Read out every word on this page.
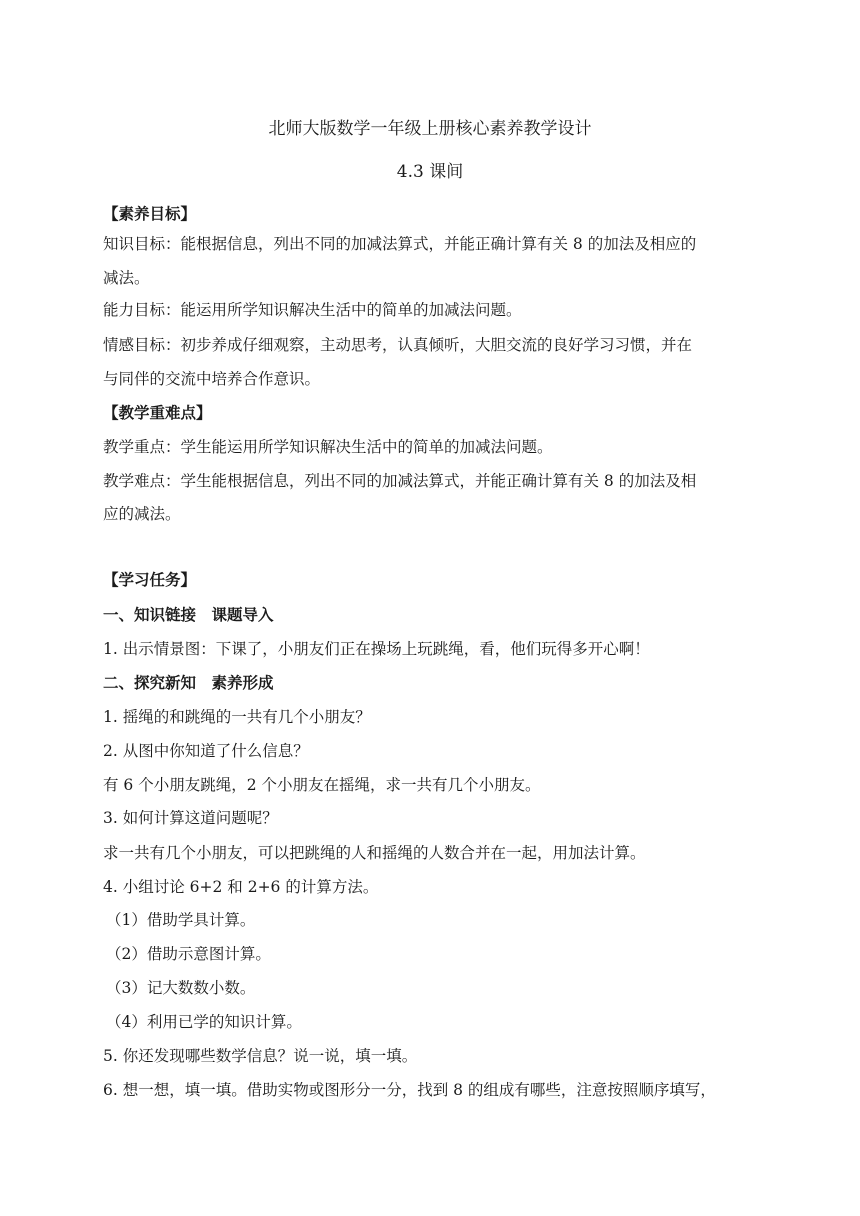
北师大版数学一年级上册核心素养教学设计
4.3 课间
【素养目标】
知识目标：能根据信息，列出不同的加减法算式，并能正确计算有关 8 的加法及相应的
减法。
能力目标：能运用所学知识解决生活中的简单的加减法问题。
情感目标：初步养成仔细观察，主动思考，认真倾听，大胆交流的良好学习习惯，并在
与同伴的交流中培养合作意识。
【教学重难点】
教学重点：学生能运用所学知识解决生活中的简单的加减法问题。
教学难点：学生能根据信息，列出不同的加减法算式，并能正确计算有关 8 的加法及相
应的减法。
【学习任务】
一、知识链接　课题导入
1. 出示情景图：下课了，小朋友们正在操场上玩跳绳，看，他们玩得多开心啊！
二、探究新知　素养形成
1. 摇绳的和跳绳的一共有几个小朋友？
2. 从图中你知道了什么信息？
有 6 个小朋友跳绳，2 个小朋友在摇绳，求一共有几个小朋友。
3. 如何计算这道问题呢？
求一共有几个小朋友，可以把跳绳的人和摇绳的人数合并在一起，用加法计算。
4. 小组讨论 6+2 和 2+6 的计算方法。
（1）借助学具计算。
（2）借助示意图计算。
（3）记大数数小数。
（4）利用已学的知识计算。
5. 你还发现哪些数学信息？说一说，填一填。
6. 想一想，填一填。借助实物或图形分一分，找到 8 的组成有哪些，注意按照顺序填写，
